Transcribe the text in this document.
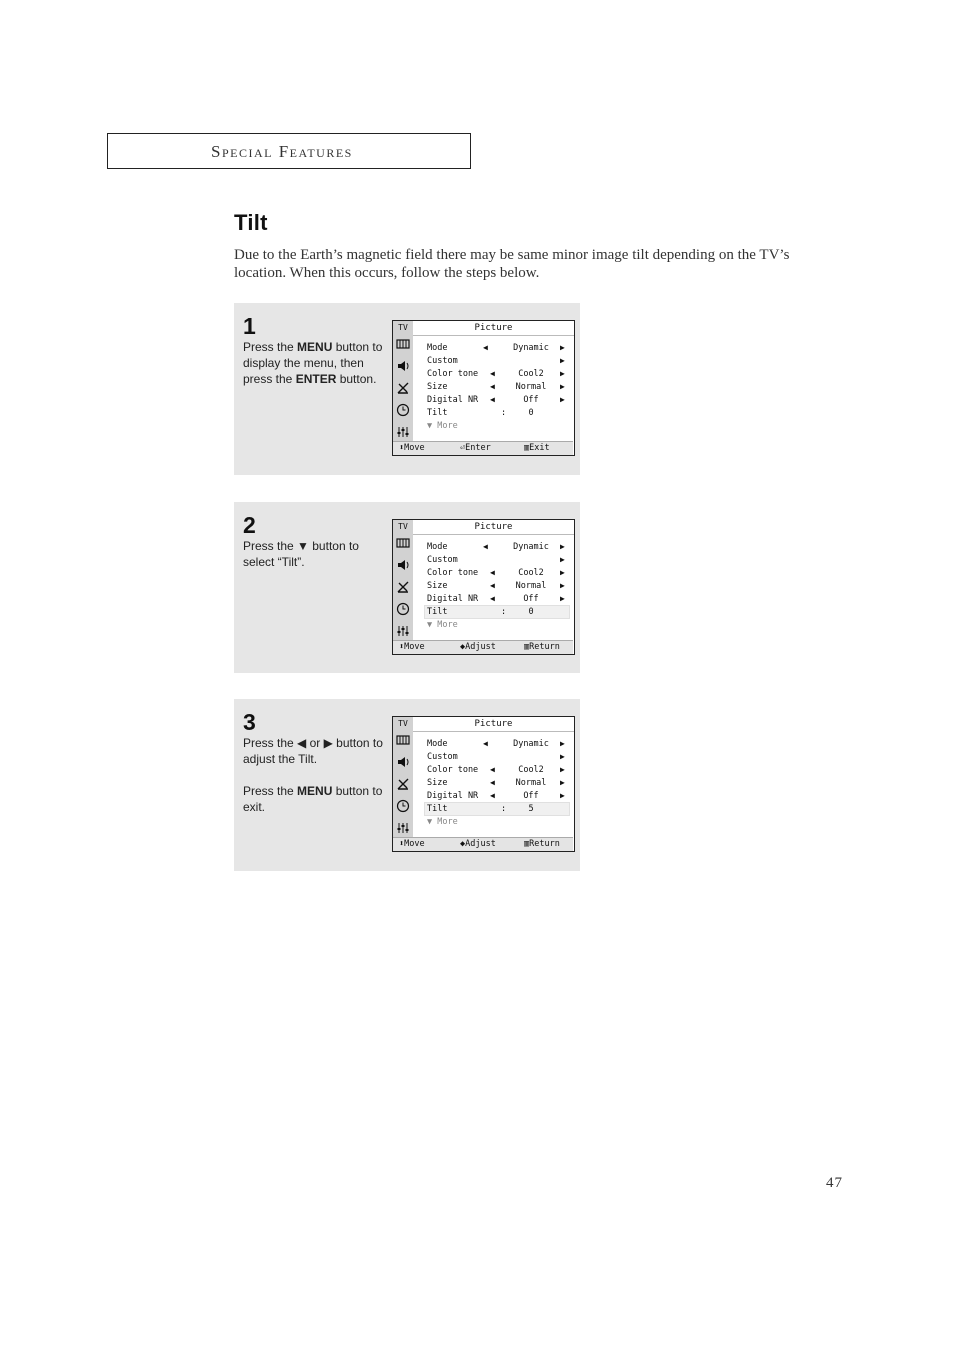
Special Features
Tilt
Due to the Earth’s magnetic field there may be same minor image tilt depending on the TV’s location. When this occurs, follow the steps below.
1

Press the MENU button to display the menu, then press the ENTER button.

TV	Picture
Mode	◀	Dynamic	▶
Custom	▶
Color tone ◀	Cool2	▶
Size	◀	Normal	▶
Digital NR ◀	Off	▶
Tilt	:	0
▼ More
⬍Move	⏎Enter	▥Exit
2

Press the ▼ button to select “Tilt”.

TV	Picture
Mode	◀	Dynamic	▶
Custom	▶
Color tone ◀	Cool2	▶
Size	◀	Normal	▶
Digital NR ◀	Off	▶
Tilt	:	0
▼ More
⬍Move	◆Adjust	▥Return
3

Press the ◀ or ▶ button to adjust the Tilt.

Press the MENU button to exit.

TV	Picture
Mode	◀	Dynamic	▶
Custom	▶
Color tone ◀	Cool2	▶
Size	◀	Normal	▶
Digital NR ◀	Off	▶
Tilt	:	5
▼ More
⬍Move	◆Adjust	▥Return
47
